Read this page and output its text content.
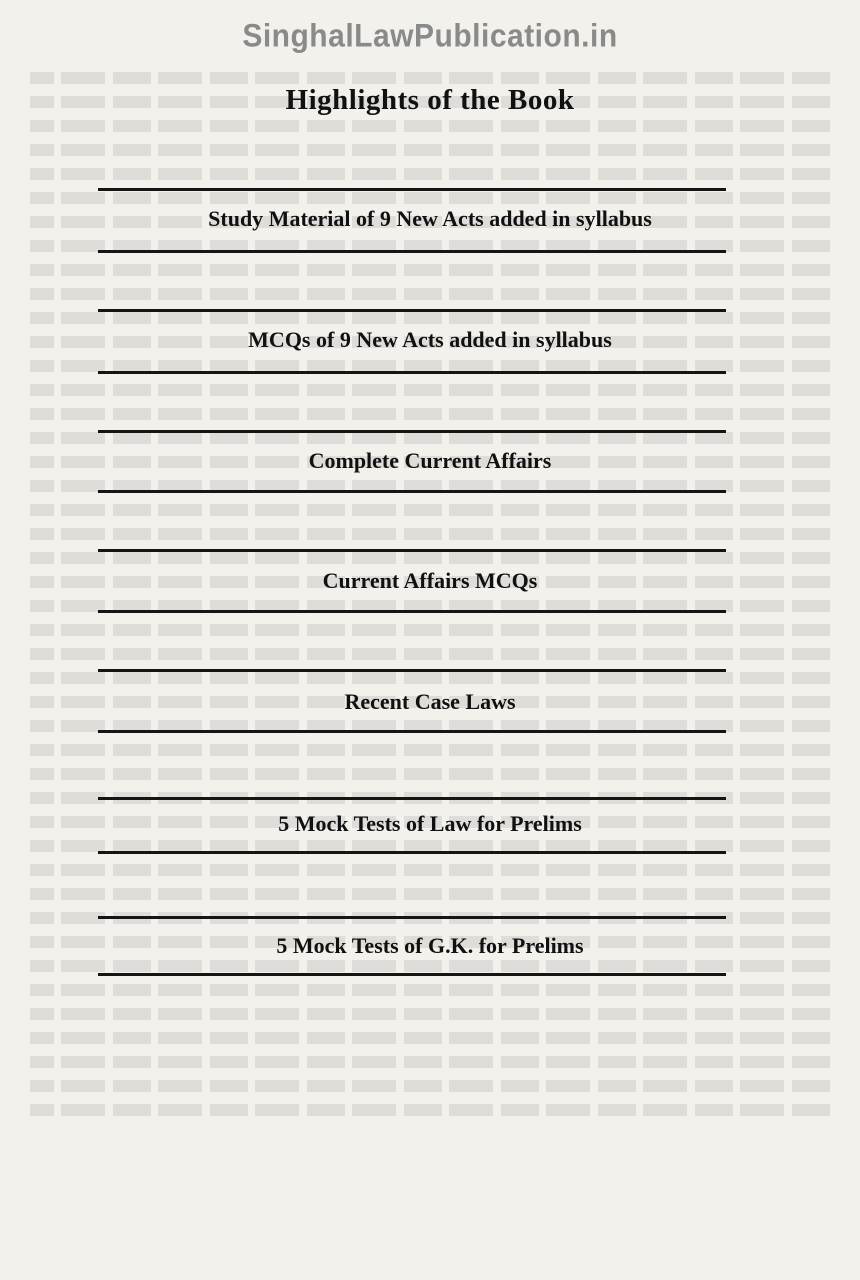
SinghalLawPublication.in
Highlights of the Book
Study Material of 9 New Acts added in syllabus
MCQs of 9 New Acts added in syllabus
Complete Current Affairs
Current Affairs MCQs
Recent Case Laws
5 Mock Tests of Law for Prelims
5 Mock Tests of G.K. for Prelims
